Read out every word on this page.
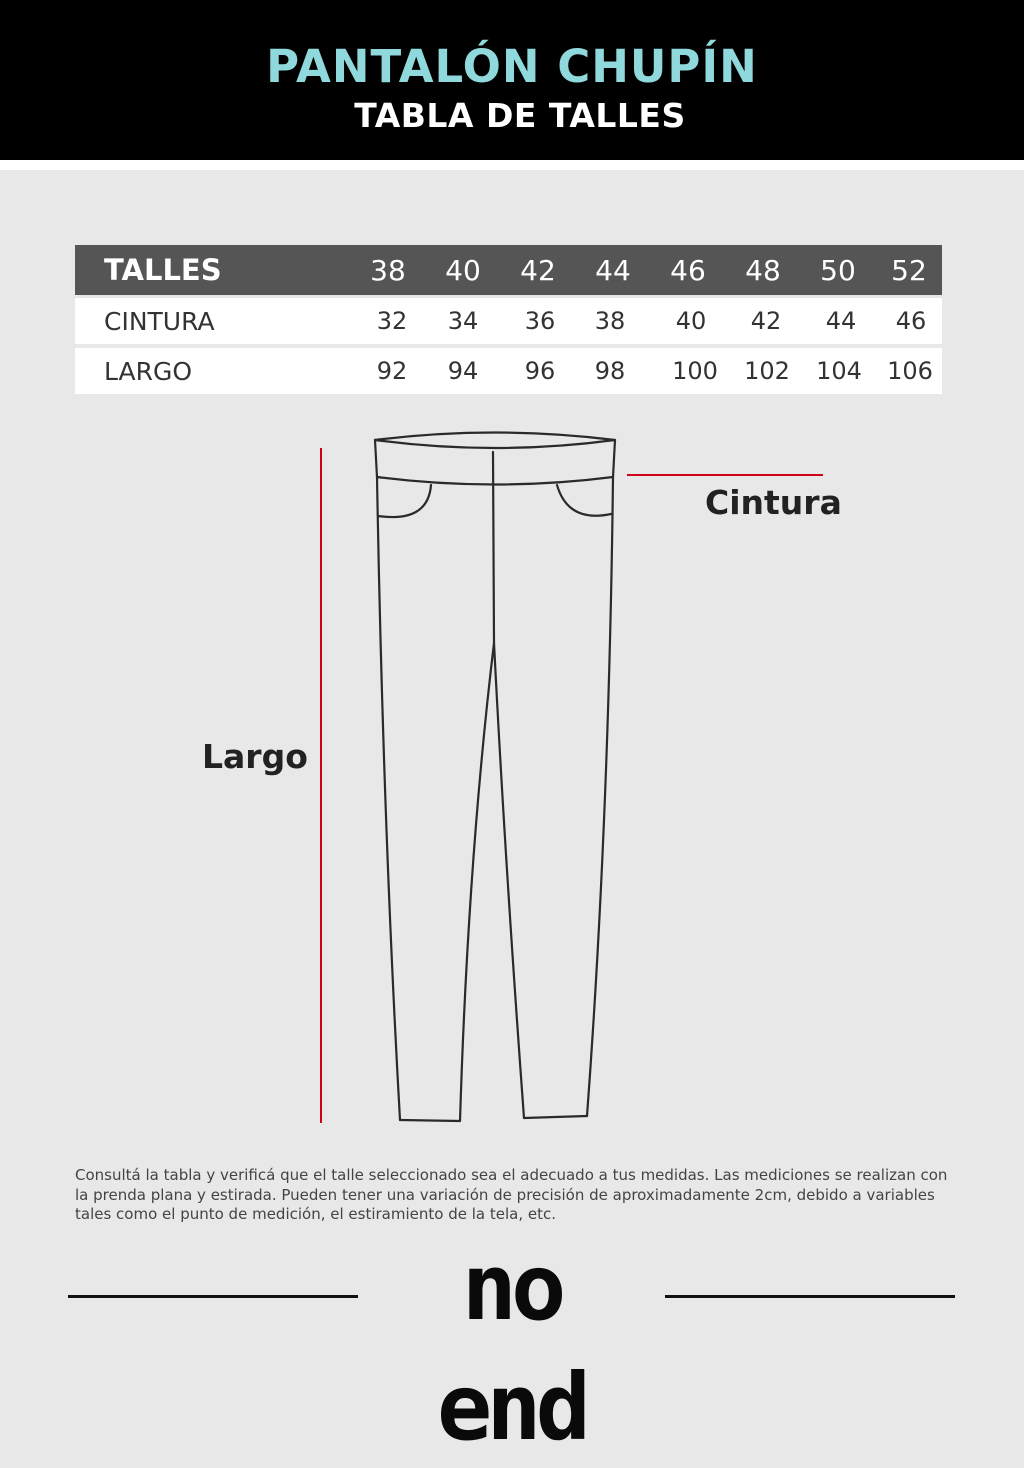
PANTALÓN CHUPÍN
TABLA DE TALLES
TALLES	38	40	42	44	46	48	50	52
CINTURA	32	34	36	38	40	42	44	46
LARGO	92	94	96	98	100 102 104 106
Cintura
Largo
Consultá la tabla y verificá que el talle seleccionado sea el adecuado a tus medidas. Las mediciones se realizan con la prenda plana y estirada. Pueden tener una variación de precisión de aproximadamente 2cm, debido a variables tales como el punto de medición, el estiramiento de la tela, etc.
no end
